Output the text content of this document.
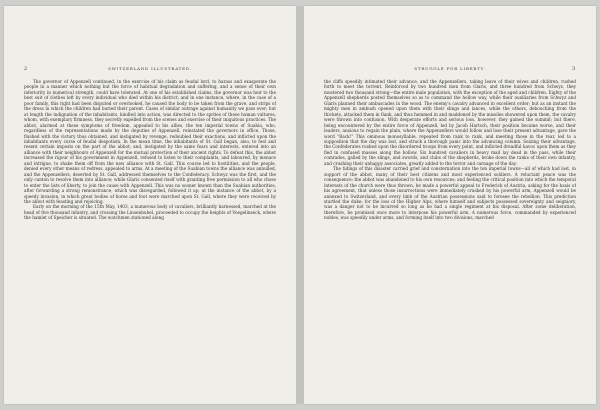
2	SWITZERLAND ILLUSTRATED.

The governor of Appenzell continued, in the exercise of his claim as feudal lord, to harass and exasperate the people in a manner which nothing but the force of habitual degradation and suffering, and a sense of their own inferiority in numerical strength, could have tolerated. At one of his established claims, the governor was heir to the best suit of clothes left by every individual who died within his district; and in one instance, where, in the case of a poor family, this right had been disputed or overlooked, he caused the body to be taken from the grave, and strips of the dress in which the children had buried their parent. Cases of similar outrage against humanity we pass over; but at length the indignation of the inhabitants, kindled into action, was directed to the sprites of these human vultures, whom, with exemplary firmness, they secretly expelled from the scenes and exercise of their iniquitous practices. The abbot, alarmed at these symptoms of freedom, appealed to his allies, the ten imperial towns of Suabia, who, regardless of the representations made by the deputies of Appenzell, reinstated the governors in office. Those, flushed with the victory thus obtained, and instigated by revenge, redoubled their exactions, and inflicted upon the inhabitants every curse of feudal despotism. In the mean time, the inhabitants of St. Gall began, also, to feel and resent certain imposts on the part of the abbot; and, instigated by the same fears and interests, entered into an alliance with their neighbours of Appenzell for the mutual protection of their ancient rights. To defeat this, the abbot increased the rigour of his government in Appenzell, refused to listen to their complaints, and laboured, by menace and intrigue, to shake them off from the new alliance with St. Gall. This course led to hostilities, and the people, denied every other means of redress, appealed to arms. At a meeting of the Suabian towns the alliance was annulled, and the Appenzellers, deserted by St. Gall, addressed themselves to the Confederacy. Schwyz was the first, and the only canton to resolve them into alliance; while Glaris consented itself with granting free permission to all who chose to enter the lists of liberty, to join the cause with Appenzell. This was no sooner known than the Suabian authorities, after forwarding a strong remonstrance, which was disregarded, followed it up, at the instance of the abbot, by a speedy invasion, in which great bodies of horse and foot were marched upon St. Gall, where they were received by the abbot with feasting and rejoicing.

Early on the morning of the 15th May, 1403, a numerous body of cavaliers, brilliantly harnessed, marched at the head of five thousand infantry, and crossing the Linsenbuhel, proceeded to occupy the heights of Voegelinseck, where the hamlet of Speicher is situated. The watchmen stationed along

STRUGGLE FOR LIBERTY.	3

the cliffs speedily intimated their advance, and the Appenzellers, taking leave of their wives and children, rushed forth to meet the torrent. Reinforced by two hundred men from Glaris, and three hundred from Schwyz, they mustered two thousand strong—the entire male population, with the exception of the aged and children. Eighty of the Appenzell shepherds posted themselves so as to command the hollow way, while their auxiliaries from Schwyz and Glaris planned their ambuscades in the wood. The enemy's cavalry advanced in excellent order; but as an instant the mighty men in ambush opened upon them with their slings and lances, while the others, debouching from the thickets, attacked them in flank, and thus hemmed in and maddened by the missiles showered upon them, the cavalry were thrown into confusion. With desperate efforts and serious loss, however, they gained the summit; but there, being encountered by the entire force of Appenzell, led by Jacob Hartsch, their position became worse, and their leaders, anxious to regain the plain, where the Appenzellers would follow and lose their present advantage, gave the word "Back!" This ominous monosyllable, repeated from rank to rank, and meeting those in the rear, led to a supposition that the day was lost, and struck a thorough panic into the advancing column. Seizing their advantage, the Confederates rushed upon the disordered troops from every point, and inflicted dreadful havoc upon them as they fled in confused masses along the hollow. Six hundred cavaliers in heavy mail lay dead in the pass, while their comrades, galled by the slings, and swords, and clubs of the shepherds, broke down the ranks of their own infantry, and crushing their unhappy associates, greatly added to the terror and carnage of the day.

The tidings of this disaster carried grief and consternation into the ten imperial towns—all of which had lost, in support of the abbot, many of their best citizens and most experienced soldiers. A reluctant peace was the consequence: the abbot was abandoned to his own resources; and feeling the critical position into which the temporal interests of the church were thus thrown, he made a powerful appeal to Frederick of Austria, asking for the basis of his agreement, that unless those insurrections were immediately crushed by his powerful arm, Appenzell would be annexed to Switzerland, and every limb of the Austrian possessions said to foresee the rebellion. This prediction startled the duke; for the loss of the Higher Alps, where himself and subjects possessed sovereignty and seigniory, was a danger not to be incurred so long as he had a single regiment at his disposal. After some deliberation, therefore, he promised once more to interpose his powerful arm. A numerous force, commanded by experienced nobles, was speedily under arms, and forming itself into two divisions, marched
